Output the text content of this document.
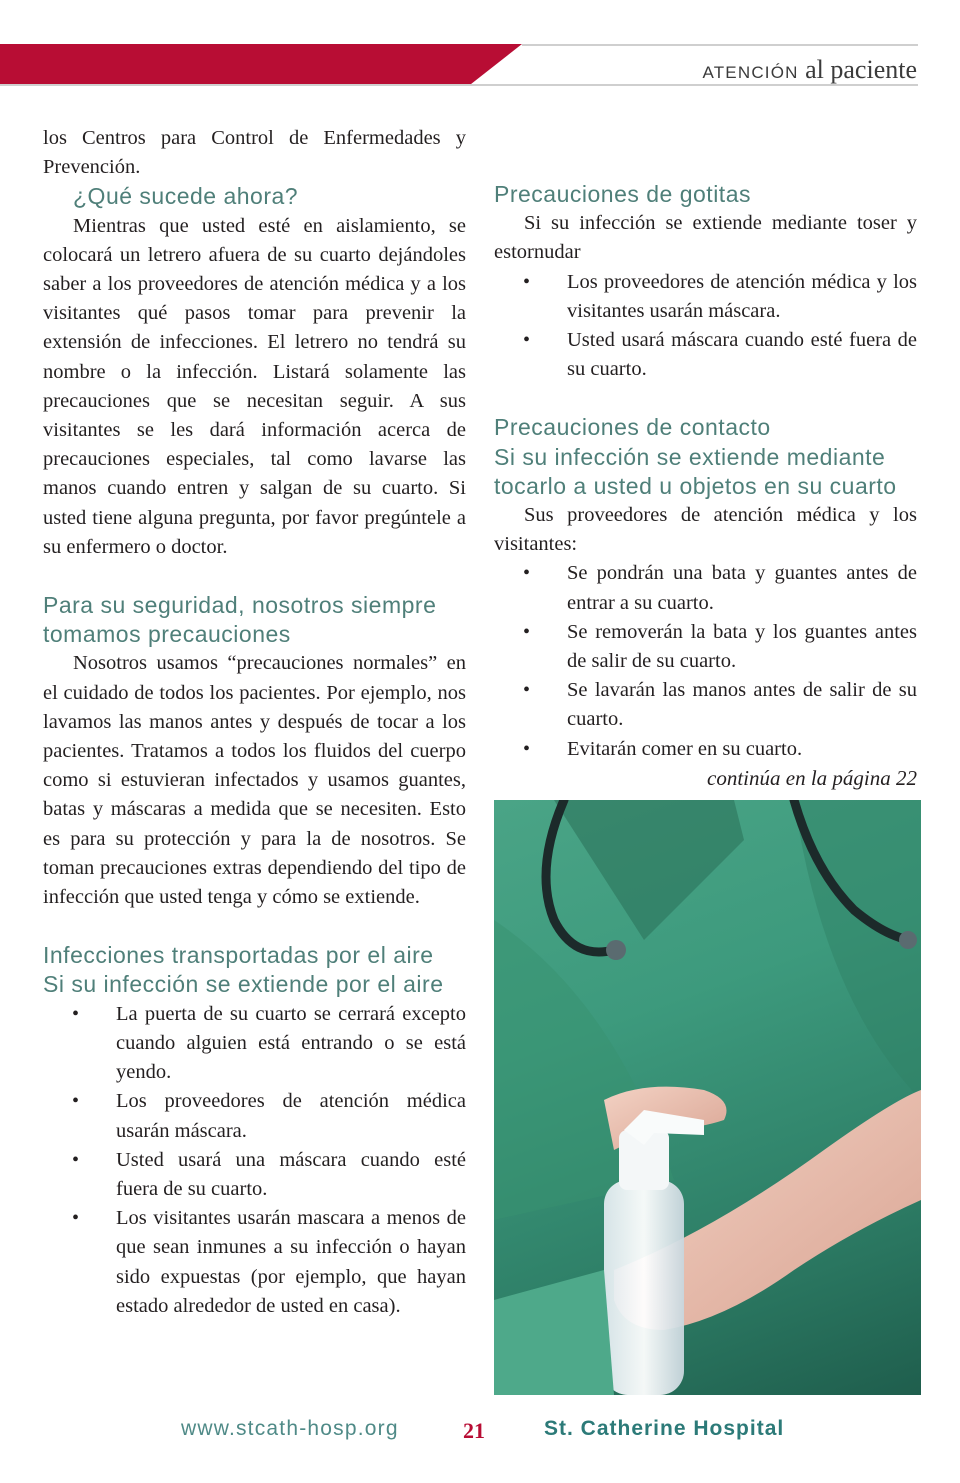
ATENCIÓN al paciente

los Centros para Control de Enfermedades y Prevención.

¿Qué sucede ahora?

Mientras que usted esté en aislamiento, se colocará un letrero afuera de su cuarto dejándoles saber a los proveedores de atención médica y a los visitantes qué pasos tomar para prevenir la extensión de infecciones. El letrero no tendrá su nombre o la infección. Listará solamente las precauciones que se necesitan seguir. A sus visitantes se les dará información acerca de precauciones especiales, tal como lavarse las manos cuando entren y salgan de su cuarto. Si usted tiene alguna pregunta, por favor pregúntele a su enfermero o doctor.

Para su seguridad, nosotros siempre
tomamos precauciones

Nosotros usamos “precauciones normales” en el cuidado de todos los pacientes. Por ejemplo, nos lavamos las manos antes y después de tocar a los pacientes. Tratamos a todos los fluidos del cuerpo como si estuvieran infectados y usamos guantes, batas y máscaras a medida que se necesiten. Esto es para su protección y para la de nosotros. Se toman precauciones extras dependiendo del tipo de infección que usted tenga y cómo se extiende.

Infecciones transportadas por el aire
Si su infección se extiende por el aire
• La puerta de su cuarto se cerrará excepto cuando alguien está entrando o se está yendo.
• Los proveedores de atención médica usarán máscara.
• Usted usará una máscara cuando esté fuera de su cuarto.
• Los visitantes usarán mascara a menos de que sean inmunes a su infección o hayan sido expuestas (por ejemplo, que hayan estado alrededor de usted en casa).
Precauciones de gotitas

Si su infección se extiende mediante toser y estornudar

• Los proveedores de atención médica y los visitantes usarán máscara.
• Usted usará máscara cuando esté fuera de su cuarto.
Precauciones de contacto
Si su infección se extiende mediante
tocarlo a usted u objetos en su cuarto

Sus proveedores de atención médica y los visitantes:

• Se pondrán una bata y guantes antes de entrar a su cuarto.
• Se removerán la bata y los guantes antes de salir de su cuarto.
• Se lavarán las manos antes de salir de su cuarto.
• Evitarán comer en su cuarto.

continúa en la página 22

www.stcath-hosp.org	21	St. Catherine Hospital
